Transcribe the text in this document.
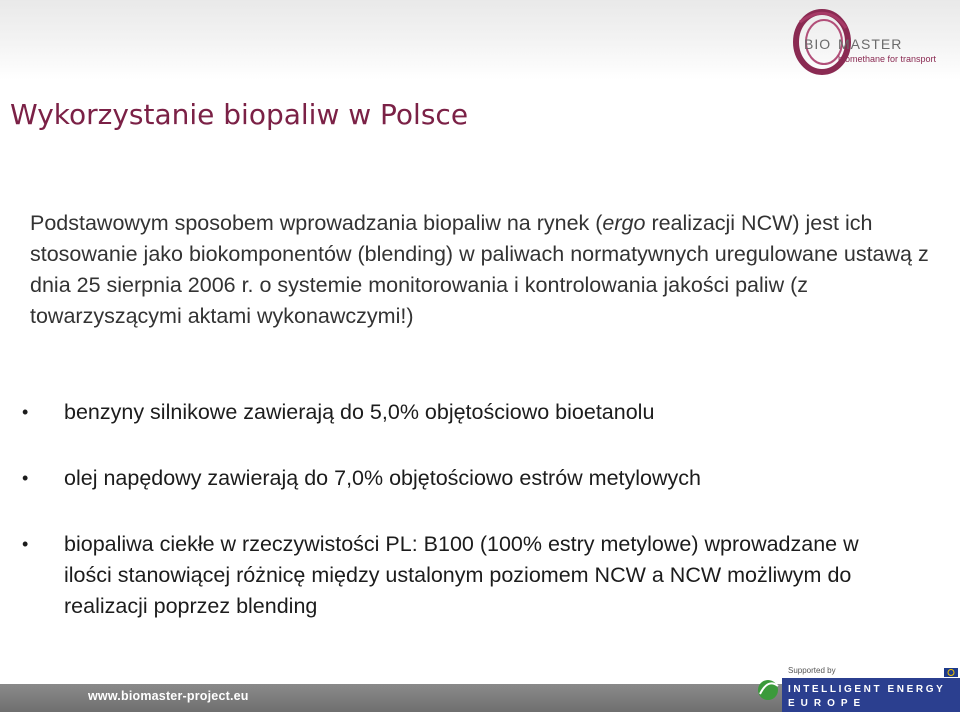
BIO MASTER
biomethane for transport
Wykorzystanie biopaliw w Polsce

Podstawowym sposobem wprowadzania biopaliw na rynek (ergo realizacji NCW) jest ich stosowanie jako biokomponentów (blending) w paliwach normatywnych uregulowane ustawą z dnia 25 sierpnia 2006 r. o systemie monitorowania i kontrolowania jakości paliw (z towarzyszącymi aktami wykonawczymi!)

•	benzyny silnikowe zawierają do 5,0% objętościowo bioetanolu
•	olej napędowy zawierają do 7,0% objętościowo estrów metylowych
•	biopaliwa ciekłe w rzeczywistości PL: B100 (100% estry metylowe) wprowadzane w ilości stanowiącej różnicę między ustalonym poziomem NCW a NCW możliwym do realizacji poprzez blending
www.biomaster-project.eu
Supported by
INTELLIGENT ENERGY
EUROPE
